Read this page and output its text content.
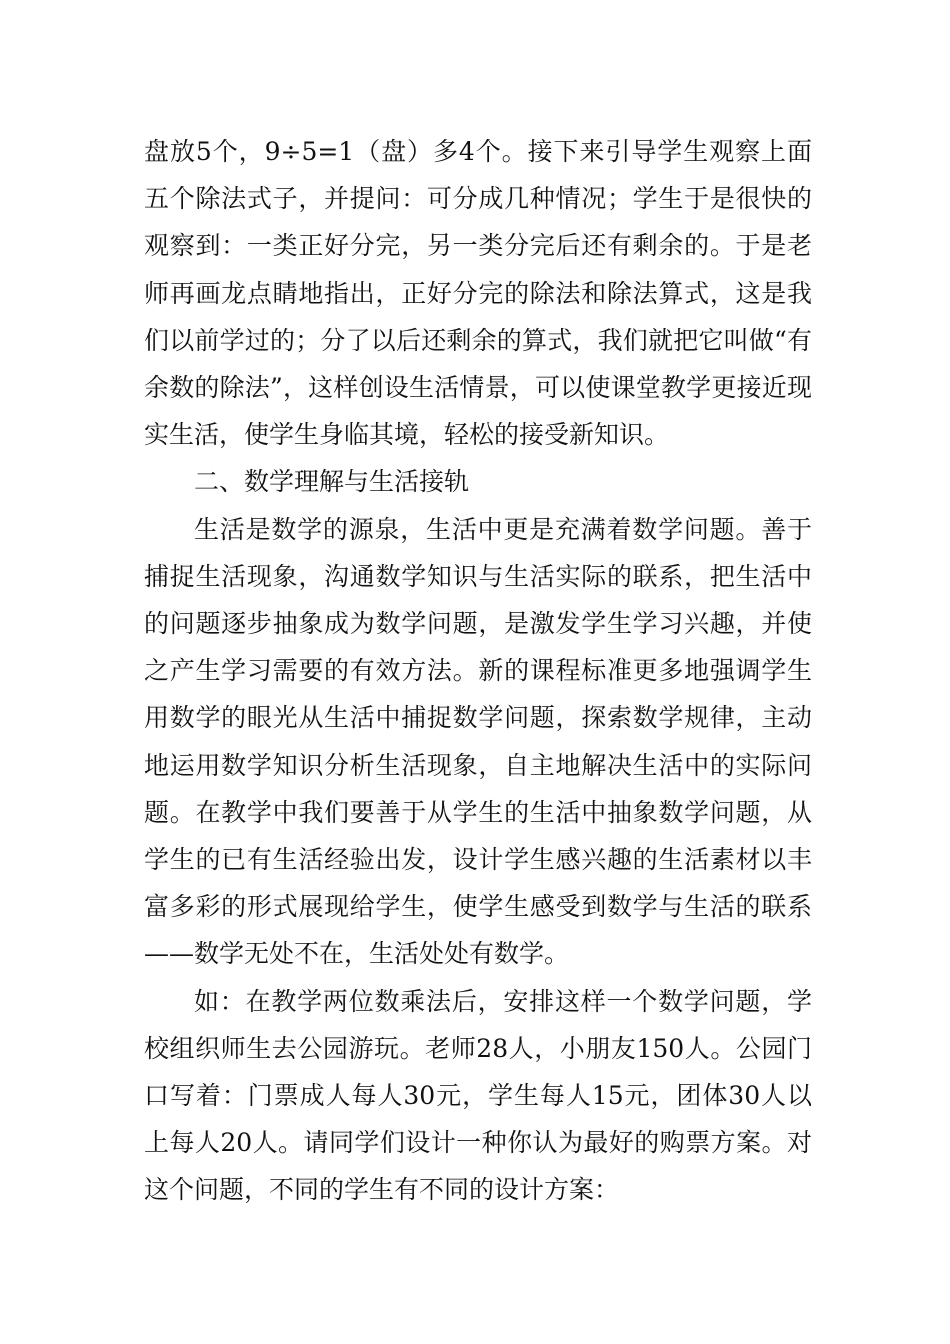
盘放5个，9÷5=1（盘）多4个。接下来引导学生观察上面五个除法式子，并提问：可分成几种情况；学生于是很快的观察到：一类正好分完，另一类分完后还有剩余的。于是老师再画龙点睛地指出，正好分完的除法和除法算式，这是我们以前学过的；分了以后还剩余的算式，我们就把它叫做“有余数的除法”，这样创设生活情景，可以使课堂教学更接近现实生活，使学生身临其境，轻松的接受新知识。

二、数学理解与生活接轨

生活是数学的源泉，生活中更是充满着数学问题。善于捕捉生活现象，沟通数学知识与生活实际的联系，把生活中的问题逐步抽象成为数学问题，是激发学生学习兴趣，并使之产生学习需要的有效方法。新的课程标准更多地强调学生用数学的眼光从生活中捕捉数学问题，探索数学规律，主动地运用数学知识分析生活现象，自主地解决生活中的实际问题。在教学中我们要善于从学生的生活中抽象数学问题，从学生的已有生活经验出发，设计学生感兴趣的生活素材以丰富多彩的形式展现给学生，使学生感受到数学与生活的联系——数学无处不在，生活处处有数学。

如：在教学两位数乘法后，安排这样一个数学问题，学校组织师生去公园游玩。老师28人，小朋友150人。公园门口写着：门票成人每人30元，学生每人15元，团体30人以上每人20人。请同学们设计一种你认为最好的购票方案。对这个问题，不同的学生有不同的设计方案：
